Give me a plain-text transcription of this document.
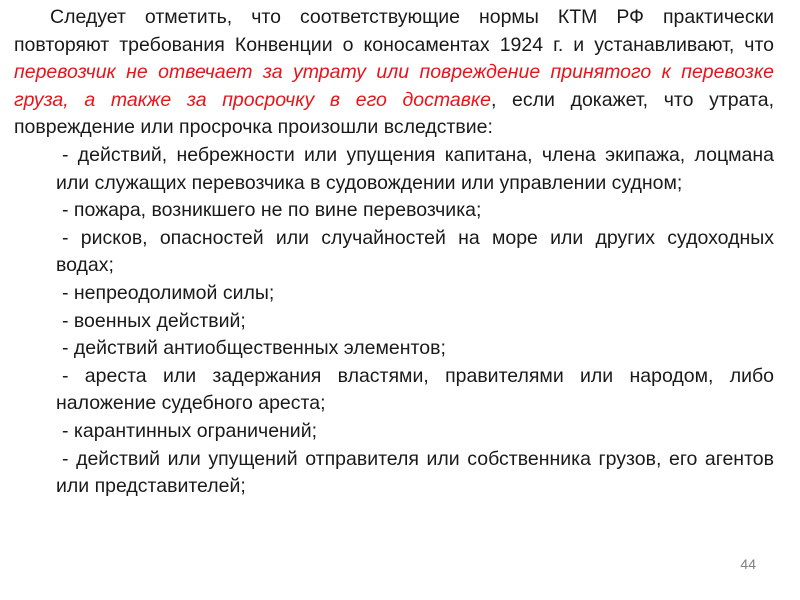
Следует отметить, что соответствующие нормы КТМ РФ практически повторяют требования Конвенции о коносаментах 1924 г. и устанавливают, что перевозчик не отвечает за утрату или повреждение принятого к перевозке груза, а также за просрочку в его доставке, если докажет, что утрата, повреждение или просрочка произошли вследствие:

- действий, небрежности или упущения капитана, члена экипажа, лоцмана или служащих перевозчика в судовождении или управлении судном;
- пожара, возникшего не по вине перевозчика;
- рисков, опасностей или случайностей на море или других судоходных водах;
- непреодолимой силы;
- военных действий;
- действий антиобщественных элементов;
- ареста или задержания властями, правителями или народом, либо наложение судебного ареста;
- карантинных ограничений;
- действий или упущений отправителя или собственника грузов, его агентов или представителей;
44
